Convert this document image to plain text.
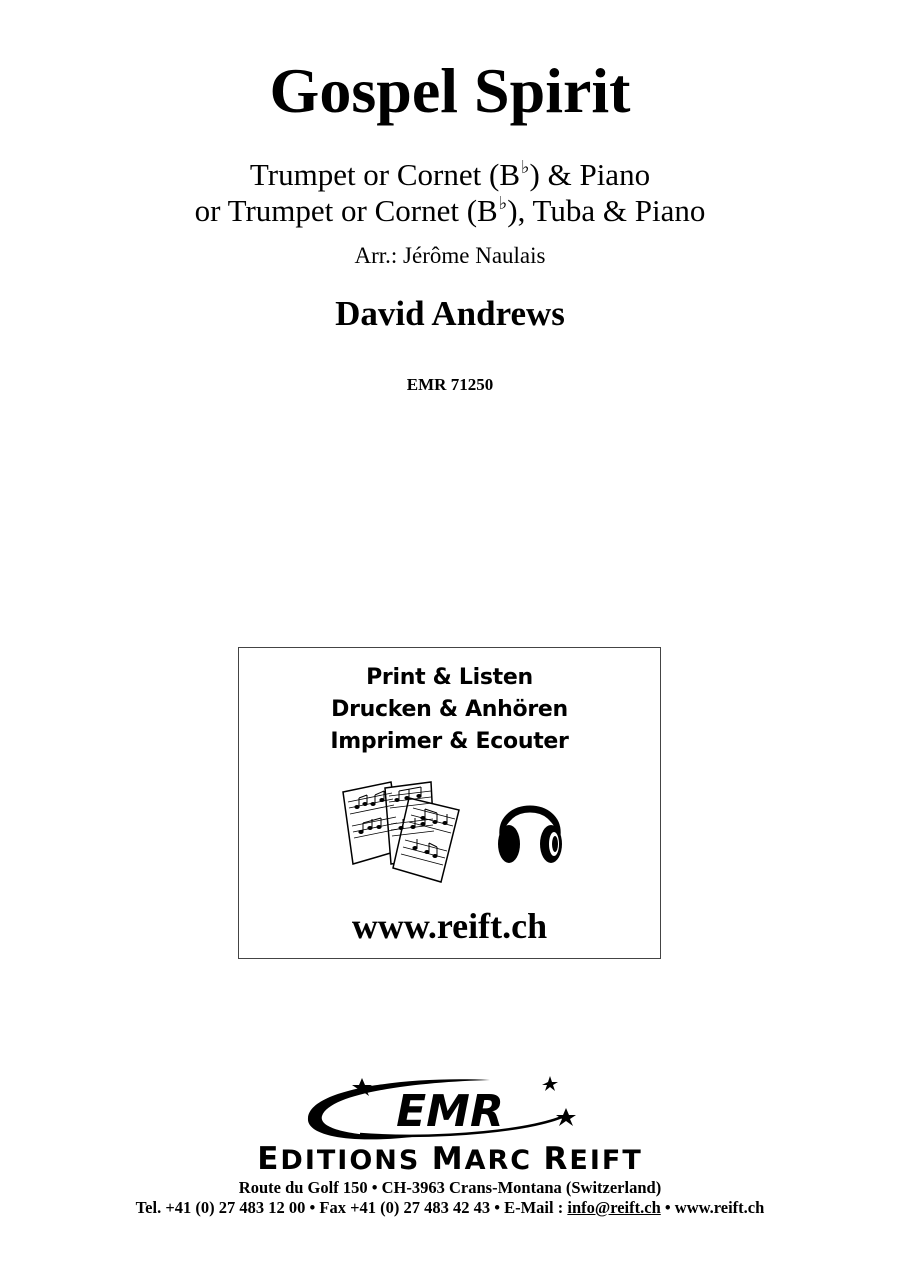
Gospel Spirit
Trumpet or Cornet (B♭) & Piano
or Trumpet or Cornet (B♭), Tuba & Piano
Arr.: Jérôme Naulais
David Andrews
EMR 71250
Print & Listen
Drucken & Anhören
Imprimer & Ecouter
www.reift.ch
EMR
EDITIONS MARC REIFT
Route du Golf 150 • CH-3963 Crans-Montana (Switzerland)
Tel. +41 (0) 27 483 12 00 • Fax +41 (0) 27 483 42 43 • E-Mail : info@reift.ch • www.reift.ch
